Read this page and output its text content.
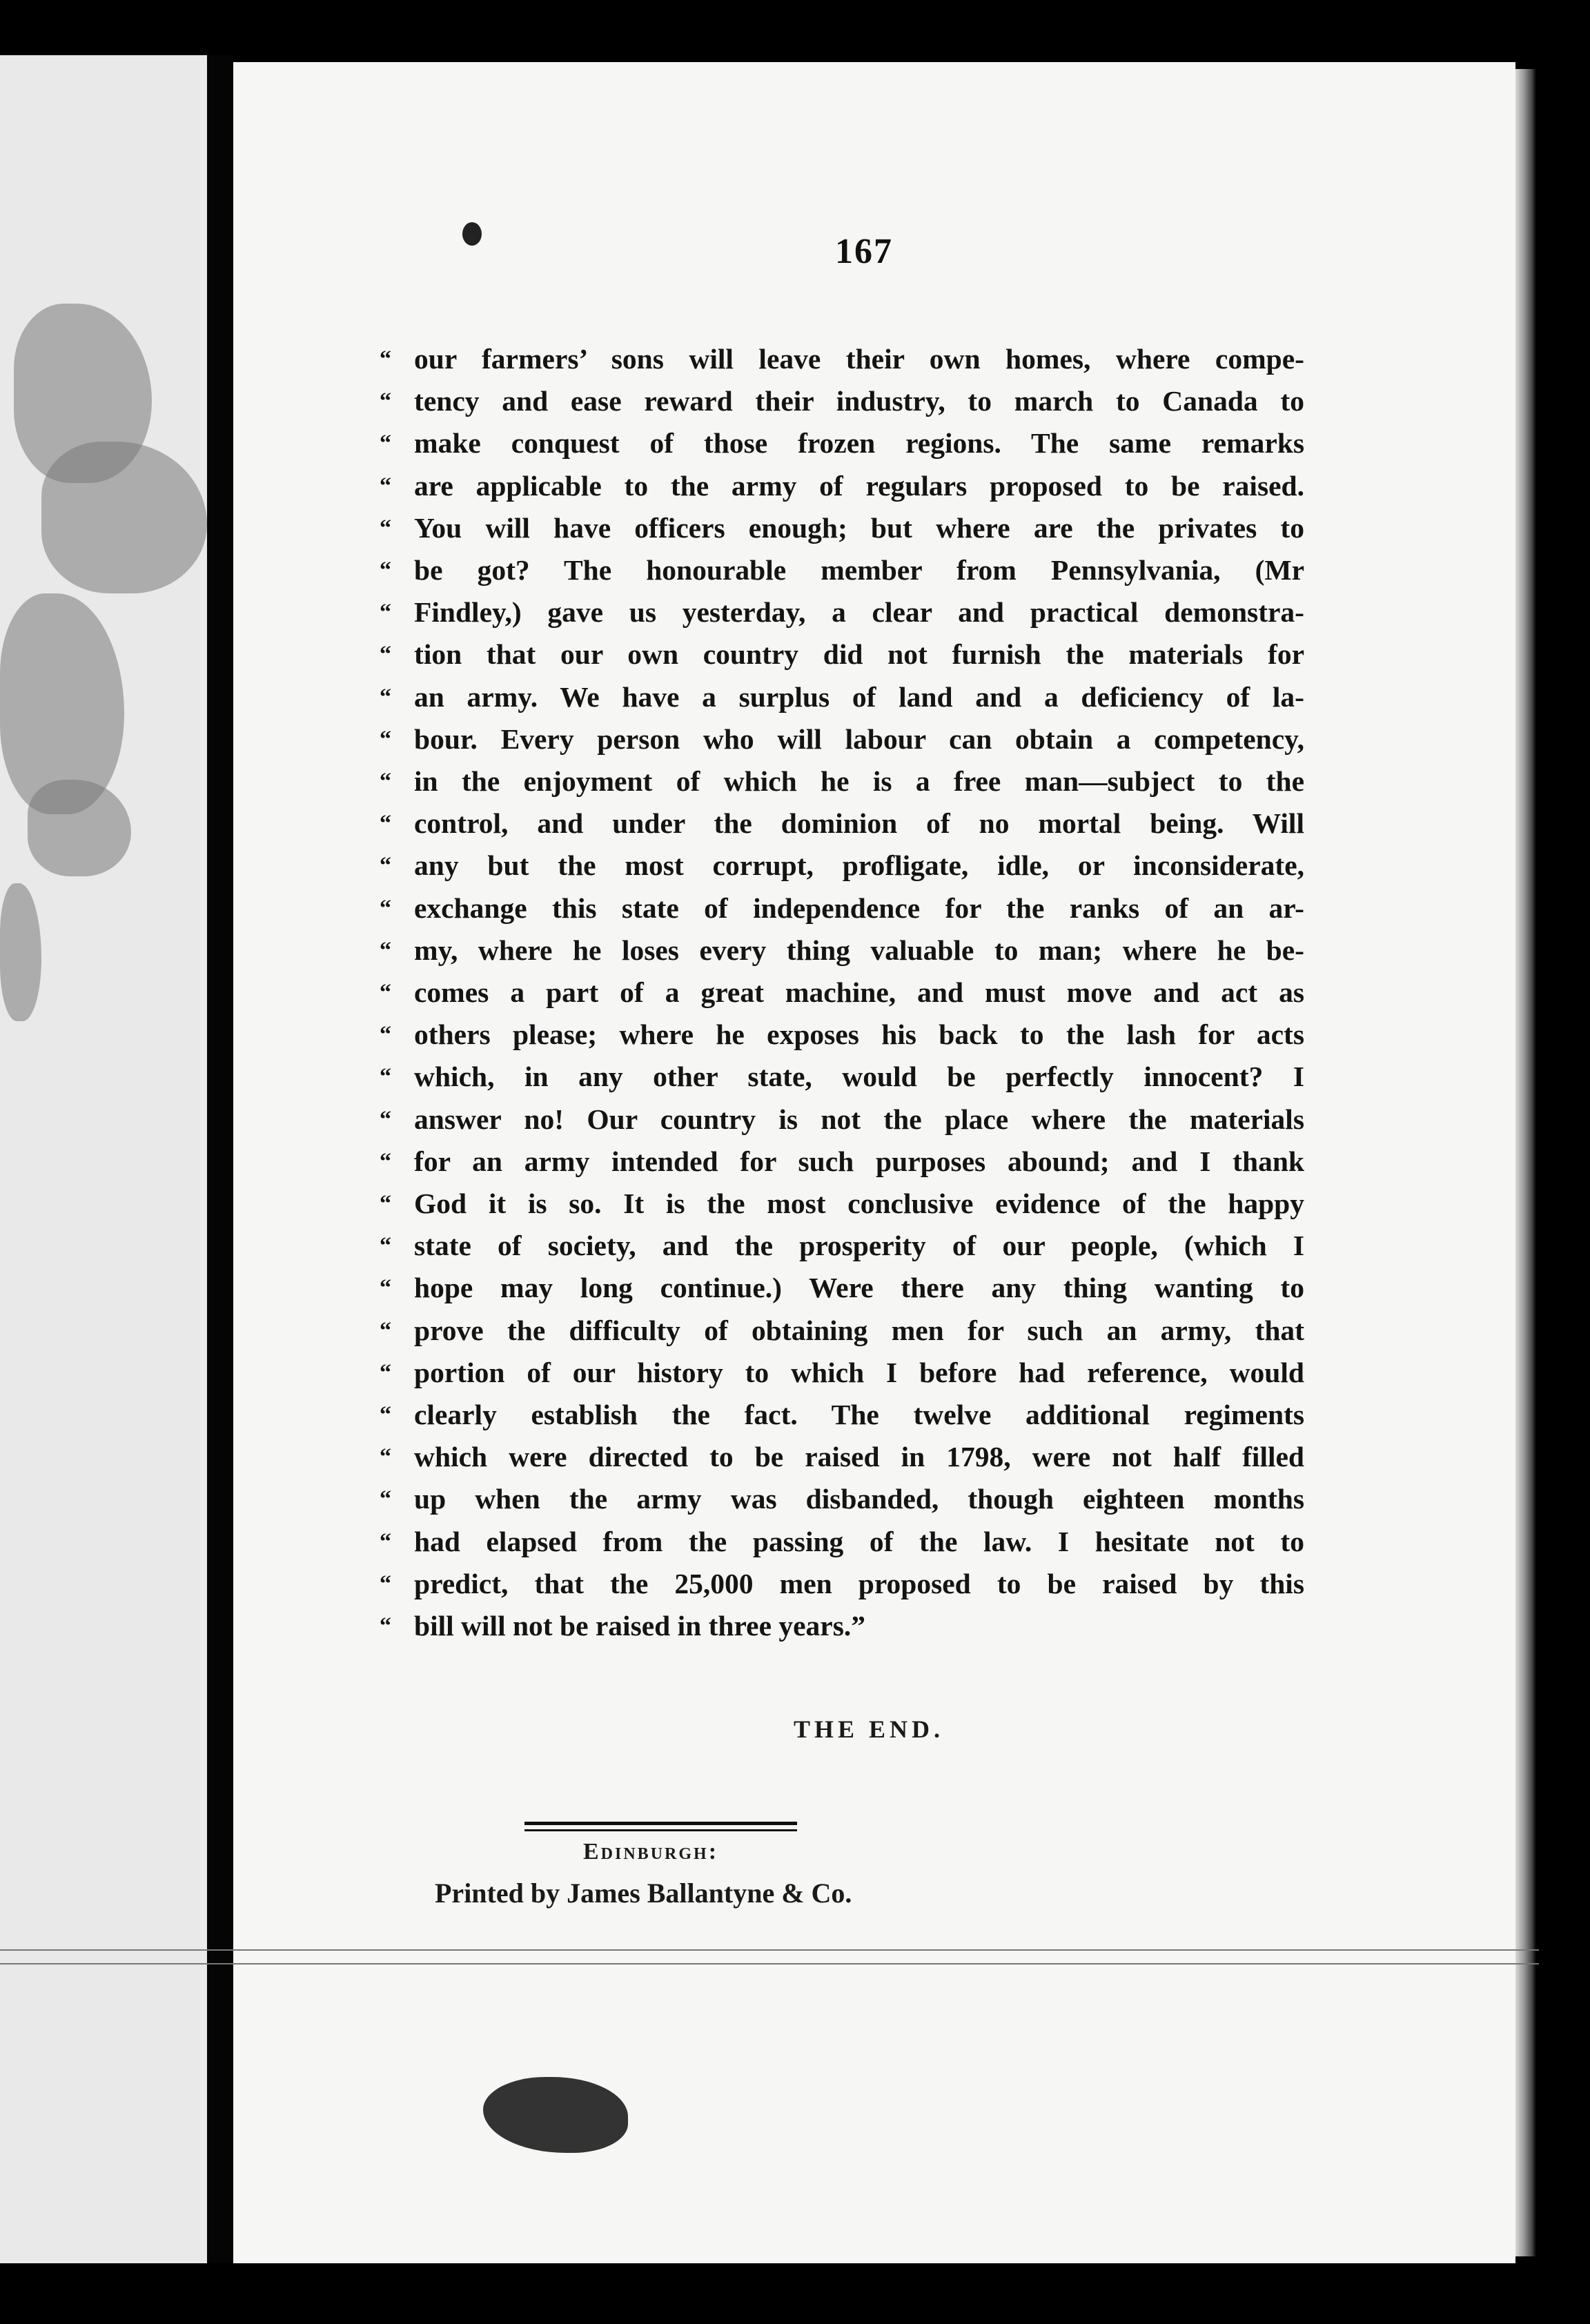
167
“ our farmers’ sons will leave their own homes, where compe-
“ tency and ease reward their industry, to march to Canada to
“ make conquest of those frozen regions. The same remarks
“ are applicable to the army of regulars proposed to be raised.
“ You will have officers enough; but where are the privates to
“ be got? The honourable member from Pennsylvania, (Mr
“ Findley,) gave us yesterday, a clear and practical demonstra-
“ tion that our own country did not furnish the materials for
“ an army. We have a surplus of land and a deficiency of la-
“ bour. Every person who will labour can obtain a competency,
“ in the enjoyment of which he is a free man—subject to the
“ control, and under the dominion of no mortal being. Will
“ any but the most corrupt, profligate, idle, or inconsiderate,
“ exchange this state of independence for the ranks of an ar-
“ my, where he loses every thing valuable to man; where he be-
“ comes a part of a great machine, and must move and act as
“ others please; where he exposes his back to the lash for acts
“ which, in any other state, would be perfectly innocent? I
“ answer no! Our country is not the place where the materials
“ for an army intended for such purposes abound; and I thank
“ God it is so. It is the most conclusive evidence of the happy
“ state of society, and the prosperity of our people, (which I
“ hope may long continue.) Were there any thing wanting to
“ prove the difficulty of obtaining men for such an army, that
“ portion of our history to which I before had reference, would
“ clearly establish the fact. The twelve additional regiments
“ which were directed to be raised in 1798, were not half filled
“ up when the army was disbanded, though eighteen months
“ had elapsed from the passing of the law. I hesitate not to
“ predict, that the 25,000 men proposed to be raised by this
“ bill will not be raised in three years.”
THE END.
Edinburgh:
Printed by James Ballantyne & Co.
